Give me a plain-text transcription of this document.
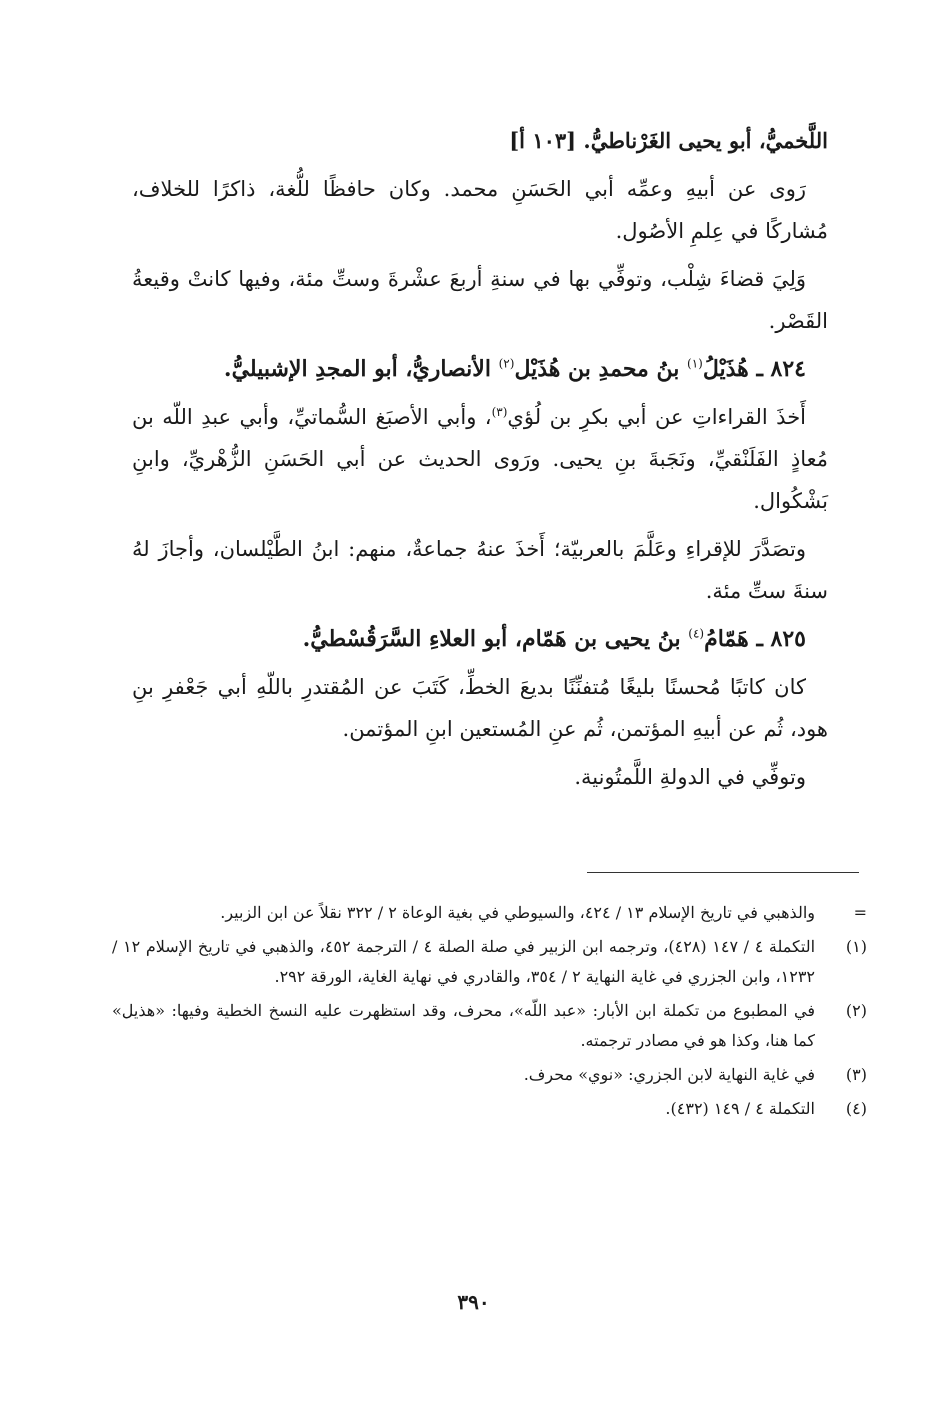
اللَّخميُّ، أبو يحيى الغَرْناطيُّ. [١٠٣ أ]

رَوى عن أبيهِ وعمِّه أبي الحَسَنِ محمد. وكان حافظًا للُّغة، ذاكرًا للخلاف، مُشاركًا في عِلمِ الأصُول.

وَلِيَ قضاءَ شِلْب، وتوفِّي بها في سنةِ أربعَ عشْرةَ وستِّ مئة، وفيها كانتْ وقيعةُ القَصْر.

٨٢٤ ـ هُذَيْلُ$^{(١)}$ بنُ محمدِ بن هُذَيْل$^{(٢)}$ الأنصاريُّ، أبو المجدِ الإشبيليُّ.

أَخذَ القراءاتِ عن أبي بكرِ بن لُؤي$^{(٣)}$، وأبي الأصبَغ السُّماتيِّ، وأبي عبدِ اللّه بن مُعاذٍ الفَلَنْقيِّ، ونَجَبةَ بنِ يحيى. ورَوى الحديث عن أبي الحَسَنِ الزُّهْريِّ، وابنِ بَشْكُوال.

وتصَدَّرَ للإقراءِ وعَلَّمَ بالعربيّة؛ أَخذَ عنهُ جماعةٌ، منهم: ابنُ الطَّيْلسان، وأجازَ لهُ سنةَ ستِّ مئة.

٨٢٥ ـ هَمّامُ$^{(٤)}$ بنُ يحيى بن هَمّام، أبو العلاءِ السَّرَقُسْطيُّ.

كان كاتبًا مُحسنًا بليغًا مُتفنِّنًا بديعَ الخطِّ، كَتَبَ عن المُقتدرِ باللّهِ أبي جَعْفرِ بنِ هود، ثُم عن أبيهِ المؤتمن، ثُم عنِ المُستعين ابنِ المؤتمن.

وتوفِّي في الدولةِ اللَّمتُونية.

=
والذهبي في تاريخ الإسلام ١٣ / ٤٢٤، والسيوطي في بغية الوعاة ٢ / ٣٢٢ نقلاً عن ابن الزبير.
(١)
التكملة ٤ / ١٤٧ (٤٢٨)، وترجمه ابن الزبير في صلة الصلة ٤ / الترجمة ٤٥٢، والذهبي في تاريخ الإسلام ١٢ / ١٢٣٢، وابن الجزري في غاية النهاية ٢ / ٣٥٤، والقادري في نهاية الغاية، الورقة ٢٩٢.
(٢)
في المطبوع من تكملة ابن الأبار: «عبد اللّه»، محرف، وقد استظهرت عليه النسخ الخطية وفيها: «هذيل» كما هنا، وكذا هو في مصادر ترجمته.
(٣)
في غاية النهاية لابن الجزري: «نوي» محرف.
(٤)
التكملة ٤ / ١٤٩ (٤٣٢).
٣٩٠
